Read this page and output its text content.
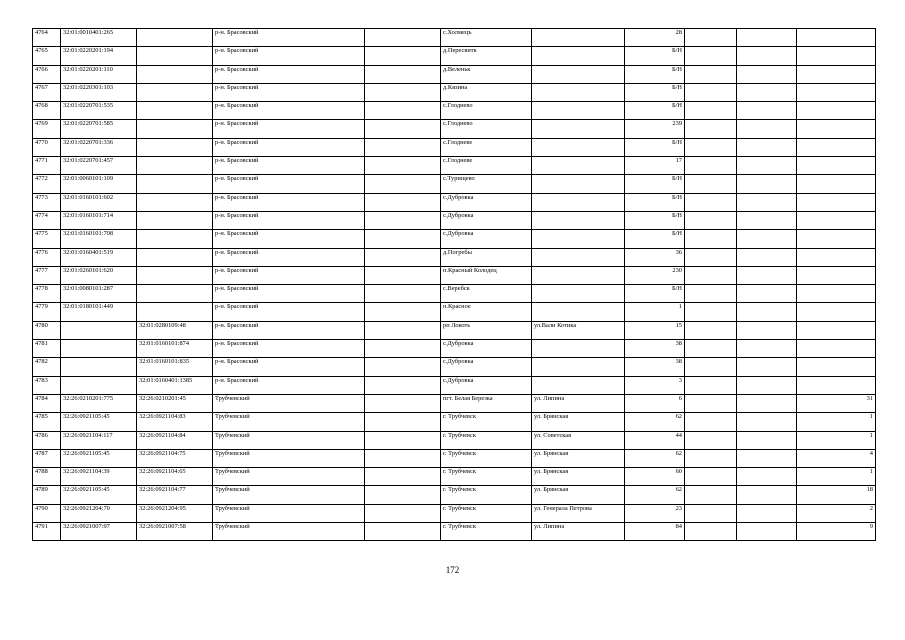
4764	32:01:0010401:265		р-н. Брасовский		с.Холмецъ		28			
4765	32:01:0220201:194		р-н. Брасовский		д.Пересвитк		Б/Н			
4766	32:01:0220201:110		р-н. Брасовский		д.Веленьк		Б/Н			
4767	32:01:0220301:103		р-н. Брасовский		д.Кязина		Б/Н			
4768	32:01:0220701:535		р-н. Брасовский		с.Глоднево		Б/Н			
4769	32:01:0220701:585		р-н. Брасовский		с.Глоднево		239			
4770	32:01:0220701:336		р-н. Брасовский		с.Глодневе		Б/Н			
4771	32:01:0220701:457		р-н. Брасовский		с.Глодневе		17			
4772	32:01:0060101:109		р-н. Брасовский		с.Турищево		Б/Н			
4773	32:01:0160101:602		р-н. Брасовский		с.Дубровка		Б/Н			
4774	32:01:0160101:714		р-н. Брасовский		с.Дубровка		Б/Н			
4775	32:01:0160101:708		р-н. Брасовский		с.Дубровка		Б/Н			
4776	32:01:0160401:519		р-н. Брасовский		д.Погребы		36			
4777	32:01:0260101:620		р-н. Брасовский		п.Красный Колодец		230			
4778	32:01:0080101:287		р-н. Брасовский		с.Веребск		Б/Н			
4779	32:01:0180101:449		р-н. Брасовский		п.Красное		1			
4780		32:01:0280109:48	р-н. Брасовский		рп Локоть	ул.Вали Котика	15			
4781		32:01:0160101:874	р-н. Брасовский		с.Дубровка		38			
4782		32:01:0160101:835	р-н. Брасовский		с.Дубровка		38			
4783		32:01:0160401:1385	р-н. Брасовский		с.Дубровка		3			
4784	32:26:0210201:775	32:26:0210201:45	Трубчевский		пгт. Белая Березка	ул. Липина	6			31
4785	32:26:0921105:45	32:26:0921104:83	Трубчевский		г. Трубчевск	ул. Брянская	62			1
4786	32:26:0921104:117	32:26:0921104:84	Трубчевский		г. Трубчевск	ул. Советская	44			1
4787	32:26:0921105:45	32:26:0921104:75	Трубчевский		г. Трубчевск	ул. Брянская	62			4
4788	32:26:0921104:39	32:26:0921104:65	Трубчевский		г. Трубчевск	ул. Брянская	60			1
4789	32:26:0921105:45	32:26:0921104:77	Трубчевский		г. Трубчевск	ул. Брянская	62			18
4790	32:26:0921204:70	32:26:0921204:95	Трубчевский		г. Трубчевск	ул. Генерала Петрова	23			2
4791	32:26:0921007:97	32:26:0921007:58	Трубчевский		г. Трубчевск	ул. Липина	84			9
172
